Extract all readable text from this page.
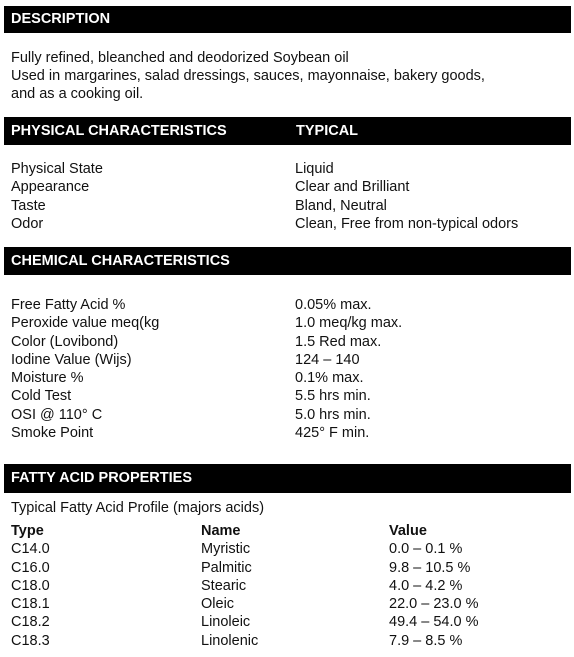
DESCRIPTION
Fully refined, bleanched and deodorized Soybean oil
Used in margarines, salad dressings, sauces, mayonnaise, bakery goods,
and as a cooking oil.
PHYSICAL CHARACTERISTICS	TYPICAL
Physical State	Liquid
Appearance	Clear and Brilliant
Taste	Bland, Neutral
Odor	Clean, Free from non-typical odors
CHEMICAL CHARACTERISTICS
Free Fatty Acid %	0.05% max.
Peroxide value meq(kg	1.0 meq/kg max.
Color (Lovibond)	1.5 Red max.
Iodine Value (Wijs)	124 – 140
Moisture %	0.1% max.
Cold Test	5.5 hrs min.
OSI @ 110° C	5.0 hrs min.
Smoke Point	425° F min.
FATTY ACID PROPERTIES
Typical Fatty Acid Profile (majors acids)
Type	Name	Value
C14.0	Myristic	0.0 – 0.1 %
C16.0	Palmitic	9.8 – 10.5 %
C18.0	Stearic	4.0 – 4.2 %
C18.1	Oleic	22.0 – 23.0 %
C18.2	Linoleic	49.4 – 54.0 %
C18.3	Linolenic	7.9 – 8.5 %
